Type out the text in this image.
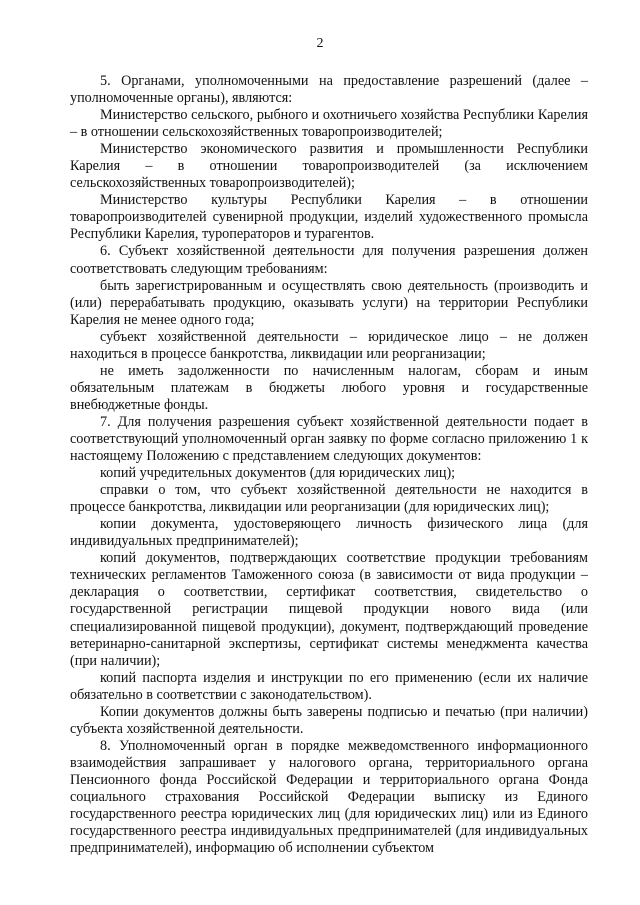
2

5. Органами, уполномоченными на предоставление разрешений (далее – уполномоченные органы), являются:

Министерство сельского, рыбного и охотничьего хозяйства Республики Карелия – в отношении сельскохозяйственных товаропроизводителей;

Министерство экономического развития и промышленности Республики Карелия – в отношении товаропроизводителей (за исключением сельскохозяйственных товаропроизводителей);

Министерство культуры Республики Карелия – в отношении товаропроизводителей сувенирной продукции, изделий художественного промысла Республики Карелия, туроператоров и турагентов.

6. Субъект хозяйственной деятельности для получения разрешения должен соответствовать следующим требованиям:

быть зарегистрированным и осуществлять свою деятельность (производить и (или) перерабатывать продукцию, оказывать услуги) на территории Республики Карелия не менее одного года;

субъект хозяйственной деятельности – юридическое лицо – не должен находиться в процессе банкротства, ликвидации или реорганизации;

не иметь задолженности по начисленным налогам, сборам и иным обязательным платежам в бюджеты любого уровня и государственные внебюджетные фонды.

7. Для получения разрешения субъект хозяйственной деятельности подает в соответствующий уполномоченный орган заявку по форме согласно приложению 1 к настоящему Положению с представлением следующих документов:

копий учредительных документов (для юридических лиц);

справки о том, что субъект хозяйственной деятельности не находится в процессе банкротства, ликвидации или реорганизации (для юридических лиц);

копии документа, удостоверяющего личность физического лица (для индивидуальных предпринимателей);

копий документов, подтверждающих соответствие продукции требованиям технических регламентов Таможенного союза (в зависимости от вида продукции – декларация о соответствии, сертификат соответствия, свидетельство о государственной регистрации пищевой продукции нового вида (или специализированной пищевой продукции), документ, подтверждающий проведение ветеринарно-санитарной экспертизы, сертификат системы менеджмента качества (при наличии);

копий паспорта изделия и инструкции по его применению (если их наличие обязательно в соответствии с законодательством).

Копии документов должны быть заверены подписью и печатью (при наличии) субъекта хозяйственной деятельности.

8. Уполномоченный орган в порядке межведомственного информационного взаимодействия запрашивает у налогового органа, территориального органа Пенсионного фонда Российской Федерации и территориального органа Фонда социального страхования Российской Федерации выписку из Единого государственного реестра юридических лиц (для юридических лиц) или из Единого государственного реестра индивидуальных предпринимателей (для индивидуальных предпринимателей), информацию об исполнении субъектом
